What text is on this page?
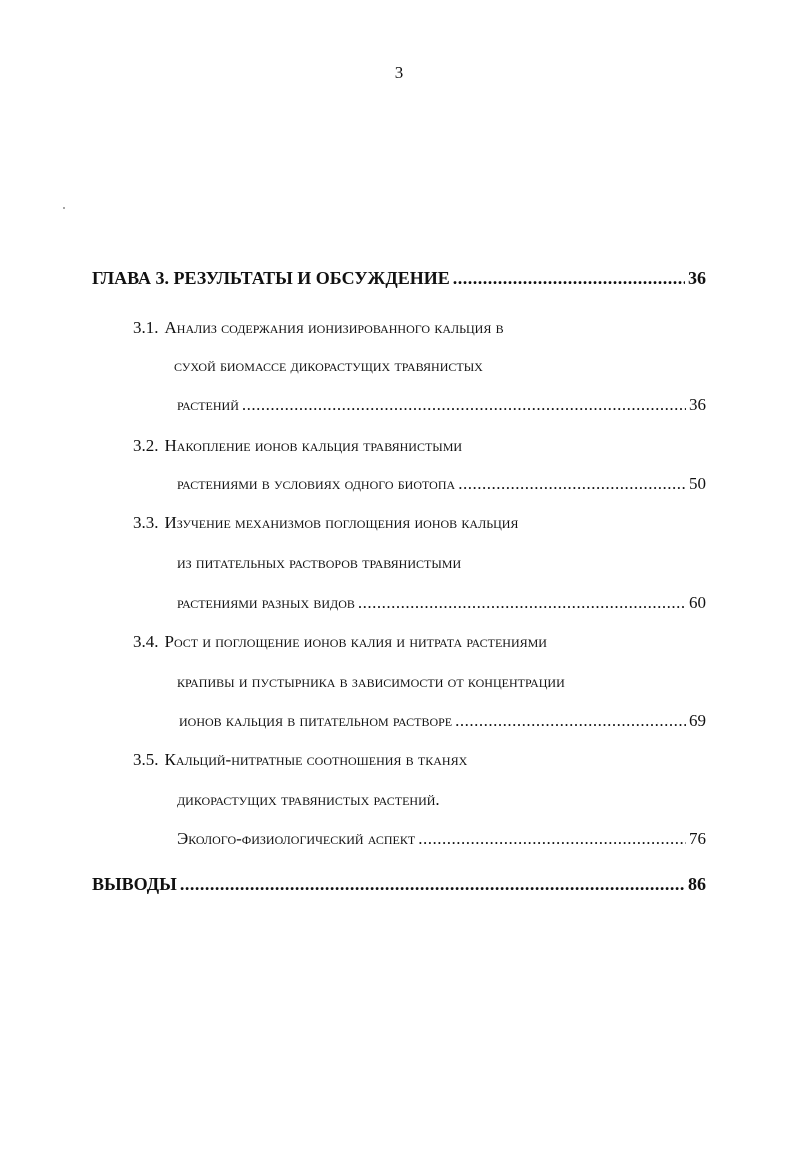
3
ГЛАВА 3. РЕЗУЛЬТАТЫ И ОБСУЖДЕНИЕ .....	36
3.1. Анализ содержания ионизированного кальция в
сухой биомассе дикорастущих травянистых
растений .....	36
3.2. Накопление ионов кальция травянистыми
растениями в условиях одного биотопа .....	50
3.3. Изучение механизмов поглощения ионов кальция
из питательных растворов травянистыми
растениями разных видов .....	60
3.4. Рост и поглощение ионов калия и нитрата растениями
крапивы и пустырника в зависимости от концентрации
ионов кальция в питательном растворе .....	69
3.5. Кальций-нитратные соотношения в тканях
дикорастущих травянистых растений.
Эколого-физиологический аспект .....	76
ВЫВОДЫ .....	86
